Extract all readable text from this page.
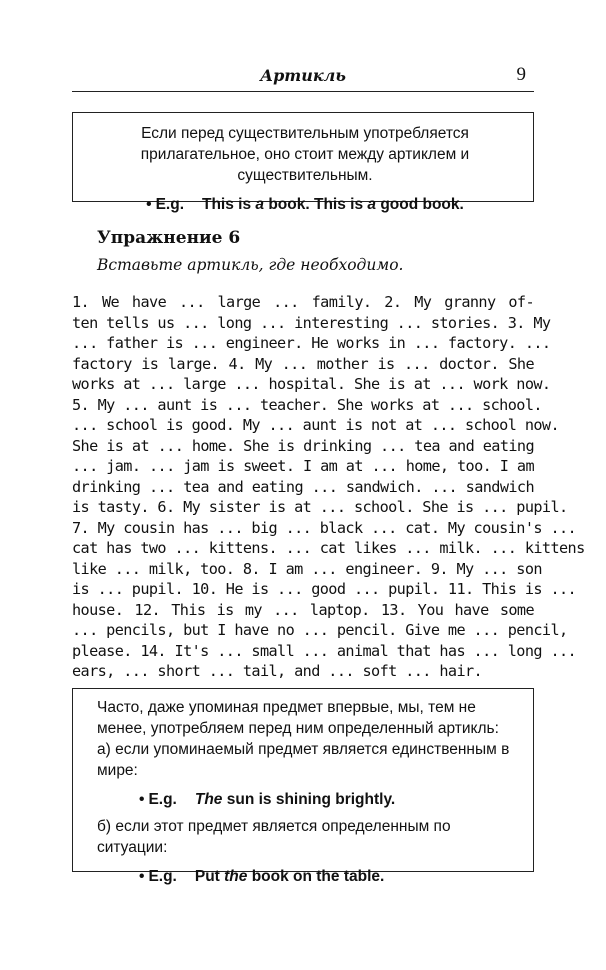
Артикль	9
Если перед существительным употребляется прилагательное, оно стоит между артиклем и существительным.
• E.g. This is a book. This is a good book.
Упражнение 6
Вставьте артикль, где необходимо.
1. We have ... large ... family. 2. My granny of-
ten tells us ... long ... interesting ... stories. 3. My
... father is ... engineer. He works in ... factory. ...
factory is large. 4. My ... mother is ... doctor. She
works at ... large ... hospital. She is at ... work now.
5. My ... aunt is ... teacher. She works at ... school.
... school is good. My ... aunt is not at ... school now.
She is at ... home. She is drinking ... tea and eating
... jam. ... jam is sweet. I am at ... home, too. I am
drinking ... tea and eating ... sandwich. ... sandwich
is tasty. 6. My sister is at ... school. She is ... pupil.
7. My cousin has ... big ... black ... cat. My cousin's ...
cat has two ... kittens. ... cat likes ... milk. ... kittens
like ... milk, too. 8. I am ... engineer. 9. My ... son
is ... pupil. 10. He is ... good ... pupil. 11. This is ...
house. 12. This is my ... laptop. 13. You have some
... pencils, but I have no ... pencil. Give me ... pencil,
please. 14. It's ... small ... animal that has ... long ...
ears, ... short ... tail, and ... soft ... hair.

Часто, даже упоминая предмет впервые, мы, тем не менее, употребляем перед ним определенный артикль:

а) если упоминаемый предмет является единственным в мире:

• E.g. The sun is shining brightly.

б) если этот предмет является определенным по ситуации:

• E.g. Put the book on the table.
